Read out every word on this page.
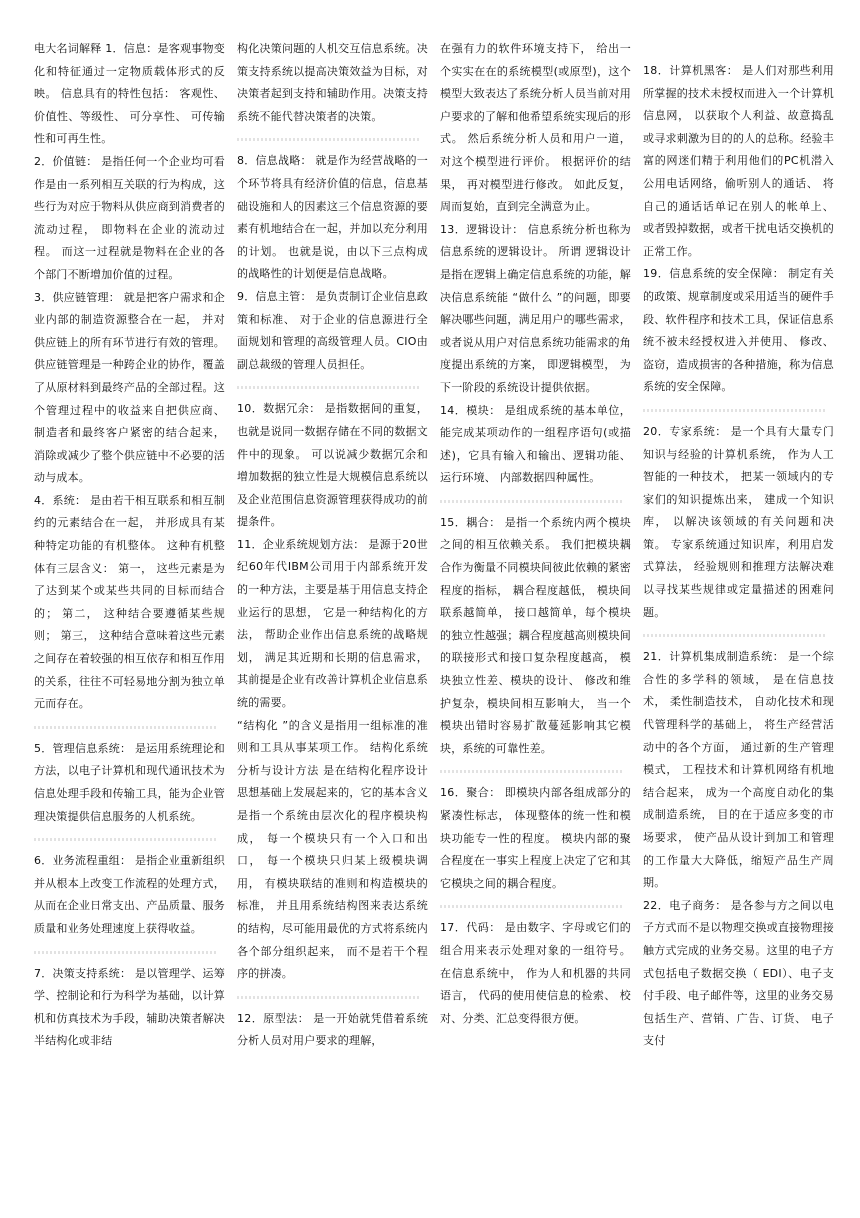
电大名词解释 1．信息：是客观事物变化和特征通过一定物质载体形式的反映。 信息具有的特性包括： 客观性、 价值性、等级性、 可分享性、 可传输性和可再生性。

2．价值链： 是指任何一个企业均可看作是由一系列相互关联的行为构成，这些行为对应于物料从供应商到消费者的流动过程， 即物料在企业的流动过程。 而这一过程就是物料在企业的各个部门不断增加价值的过程。

3．供应链管理： 就是把客户需求和企业内部的制造资源整合在一起， 并对供应链上的所有环节进行有效的管理。供应链管理是一种跨企业的协作，覆盖了从原材料到最终产品的全部过程。这个管理过程中的收益来自把供应商、 制造者和最终客户紧密的结合起来， 消除或减少了整个供应链中不必要的活动与成本。

4．系统： 是由若干相互联系和相互制约的元素结合在一起， 并形成具有某种特定功能的有机整体。 这种有机整体有三层含义： 第一， 这些元素是为了达到某个或某些共同的目标而结合的； 第二， 这种结合要遵循某些规则； 第三， 这种结合意味着这些元素之间存在着较强的相互依存和相互作用的关系，往往不可轻易地分割为独立单元而存在。

5．管理信息系统： 是运用系统理论和方法，以电子计算机和现代通讯技术为信息处理手段和传输工具，能为企业管理决策提供信息服务的人机系统。

6．业务流程重组： 是指企业重新组织并从根本上改变工作流程的处理方式，从而在企业日常支出、产品质量、服务质量和业务处理速度上获得收益。

7．决策支持系统： 是以管理学、运筹学、控制论和行为科学为基础，以计算机和仿真技术为手段，辅助决策者解决半结构化或非结

构化决策问题的人机交互信息系统。决策支持系统以提高决策效益为目标，对决策者起到支持和辅助作用。决策支持系统不能代替决策者的决策。

8．信息战略： 就是作为经营战略的一个环节将具有经济价值的信息，信息基础设施和人的因素这三个信息资源的要素有机地结合在一起，并加以充分利用的计划。 也就是说，由以下三点构成的战略性的计划便是信息战略。

9．信息主管： 是负责制订企业信息政策和标准、 对于企业的信息源进行全面规划和管理的高级管理人员。CIO由副总裁级的管理人员担任。

10．数据冗余： 是指数据间的重复，也就是说同一数据存储在不同的数据文件中的现象。 可以说减少数据冗余和增加数据的独立性是大规模信息系统以及企业范围信息资源管理获得成功的前提条件。

11．企业系统规划方法： 是源于20世纪60年代IBM公司用于内部系统开发的一种方法，主要是基于用信息支持企业运行的思想， 它是一种结构化的方法， 帮助企业作出信息系统的战略规划， 满足其近期和长期的信息需求， 其前提是企业有改善计算机企业信息系统的需要。

“结构化 ”的含义是指用一组标准的准则和工具从事某项工作。 结构化系统分析与设计方法 是在结构化程序设计思想基础上发展起来的，它的基本含义是指一个系统由层次化的程序模块构成， 每一个模块只有一个入口和出口， 每一个模块只归某上级模块调用， 有模块联结的准则和构造模块的标准， 并且用系统结构图来表达系统的结构，尽可能用最优的方式将系统内各个部分组织起来， 而不是若干个程序的拼凑。

12．原型法： 是一开始就凭借着系统分析人员对用户要求的理解，

在强有力的软件环境支持下， 给出一个实实在在的系统模型(或原型)，这个模型大致表达了系统分析人员当前对用户要求的了解和他希望系统实现后的形式。 然后系统分析人员和用户一道， 对这个模型进行评价。 根据评价的结果， 再对模型进行修改。 如此反复， 周而复始，直到完全满意为止。

13．逻辑设计： 信息系统分析也称为信息系统的逻辑设计。 所谓 逻辑设计 是指在逻辑上确定信息系统的功能，解决信息系统能 “做什么 ”的问题，即要解决哪些问题，满足用户的哪些需求， 或者说从用户对信息系统功能需求的角度提出系统的方案， 即逻辑模型， 为下一阶段的系统设计提供依据。

14．模块： 是组成系统的基本单位，能完成某项动作的一组程序语句(或描述)，它具有输入和输出、逻辑功能、 运行环境、 内部数据四种属性。

15．耦合： 是指一个系统内两个模块之间的相互依赖关系。 我们把模块耦合作为衡量不同模块间彼此依赖的紧密程度的指标， 耦合程度越低， 模块间联系越简单， 接口越简单，每个模块的独立性越强；耦合程度越高则模块间的联接形式和接口复杂程度越高， 模块独立性差、模块的设计、 修改和维护复杂，模块间相互影响大， 当一个模块出错时容易扩散蔓延影响其它模块，系统的可靠性差。

16．聚合： 即模块内部各组成部分的紧凑性标志， 体现整体的统一性和模块功能专一性的程度。 模块内部的聚合程度在一事实上程度上决定了它和其它模块之间的耦合程度。

17．代码： 是由数字、字母或它们的组合用来表示处理对象的一组符号。 在信息系统中， 作为人和机器的共同语言， 代码的使用使信息的检索、 校对、分类、汇总变得很方便。

18．计算机黑客： 是人们对那些利用所掌握的技术未授权而进入一个计算机信息网， 以获取个人利益、故意捣乱或寻求刺激为目的的人的总称。经验丰富的网迷们精于利用他们的PC机潜入公用电话网络，偷听别人的通话、 将自己的通话话单记在别人的帐单上、 或者毁掉数据，或者干扰电话交换机的正常工作。

19．信息系统的安全保障： 制定有关的政策、规章制度或采用适当的硬件手段、软件程序和技术工具，保证信息系统不被未经授权进入并使用、 修改、 盗窃，造成损害的各种措施，称为信息系统的安全保障。

20．专家系统： 是一个具有大量专门知识与经验的计算机系统， 作为人工智能的一种技术， 把某一领域内的专家们的知识提炼出来， 建成一个知识库， 以解决该领域的有关问题和决策。 专家系统通过知识库，利用启发式算法， 经验规则和推理方法解决难以寻找某些规律或定量描述的困难问题。

21．计算机集成制造系统： 是一个综合性的多学科的领域， 是在信息技术， 柔性制造技术， 自动化技术和现代管理科学的基础上， 将生产经营活动中的各个方面， 通过新的生产管理模式， 工程技术和计算机网络有机地结合起来， 成为一个高度自动化的集成制造系统， 目的在于适应多变的市场要求， 使产品从设计到加工和管理的工作量大大降低，缩短产品生产周期。

22．电子商务： 是各参与方之间以电子方式而不是以物理交换或直接物理接触方式完成的业务交易。这里的电子方式包括电子数据交换（ EDI）、电子支付手段、电子邮件等，这里的业务交易包括生产、营销、广告、订货、 电子支付
